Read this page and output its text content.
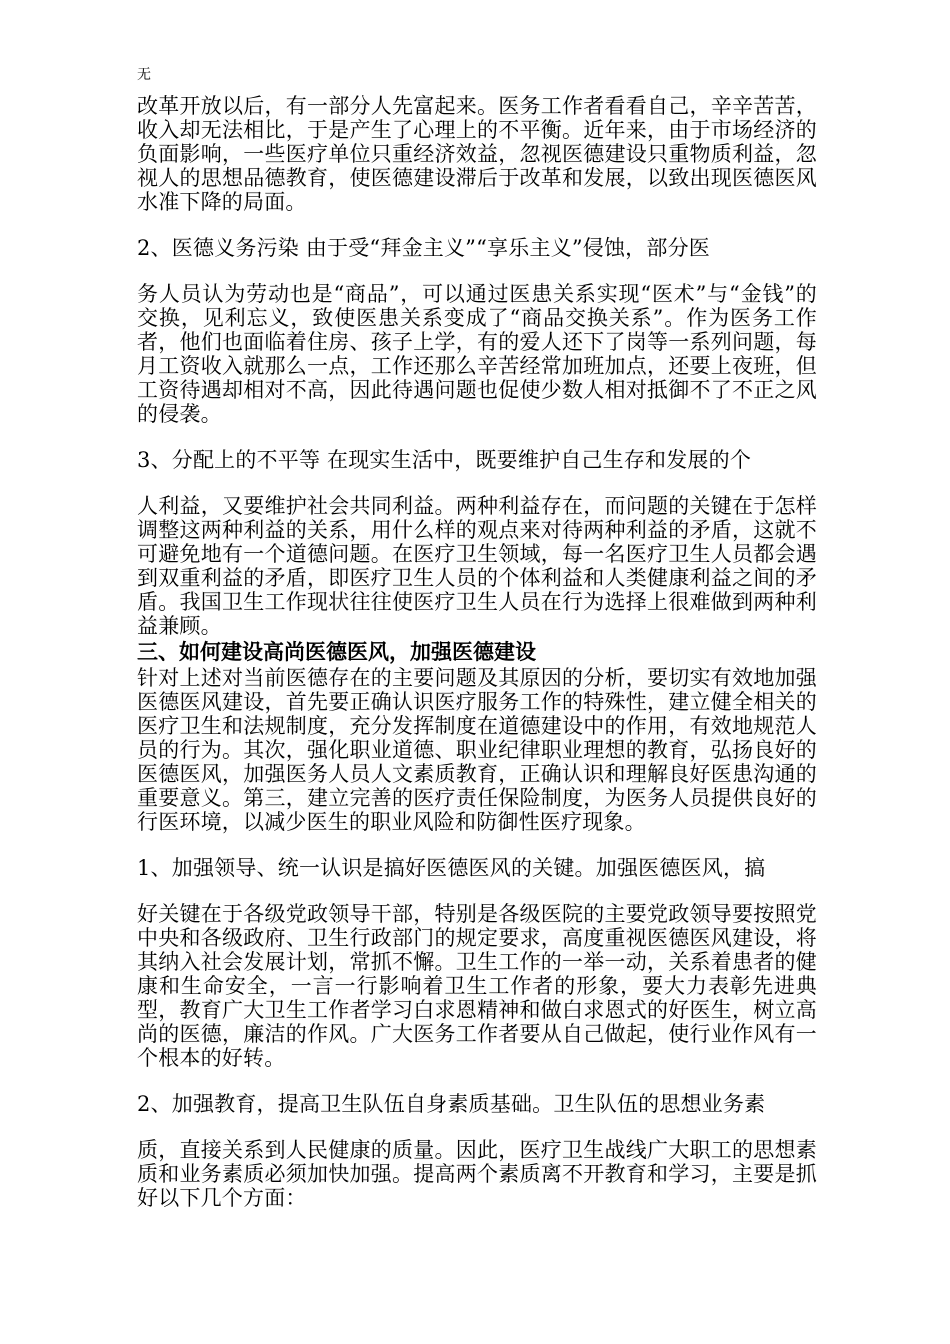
无

改革开放以后，有一部分人先富起来。医务工作者看看自己，辛辛苦苦，收入却无法相比，于是产生了心理上的不平衡。近年来，由于市场经济的负面影响，一些医疗单位只重经济效益，忽视医德建设只重物质利益，忽视人的思想品德教育，使医德建设滞后于改革和发展，以致出现医德医风水准下降的局面。

2、医德义务污染 由于受“拜金主义”“享乐主义”侵蚀，部分医

务人员认为劳动也是“商品”，可以通过医患关系实现“医术”与“金钱”的交换，见利忘义，致使医患关系变成了“商品交换关系”。作为医务工作者，他们也面临着住房、孩子上学，有的爱人还下了岗等一系列问题，每月工资收入就那么一点，工作还那么辛苦经常加班加点，还要上夜班，但工资待遇却相对不高，因此待遇问题也促使少数人相对抵御不了不正之风的侵袭。

3、分配上的不平等 在现实生活中，既要维护自己生存和发展的个

人利益，又要维护社会共同利益。两种利益存在，而问题的关键在于怎样调整这两种利益的关系，用什么样的观点来对待两种利益的矛盾，这就不可避免地有一个道德问题。在医疗卫生领域，每一名医疗卫生人员都会遇到双重利益的矛盾，即医疗卫生人员的个体利益和人类健康利益之间的矛盾。我国卫生工作现状往往使医疗卫生人员在行为选择上很难做到两种利益兼顾。

三、如何建设高尚医德医风，加强医德建设

针对上述对当前医德存在的主要问题及其原因的分析，要切实有效地加强医德医风建设，首先要正确认识医疗服务工作的特殊性，建立健全相关的医疗卫生和法规制度，充分发挥制度在道德建设中的作用，有效地规范人员的行为。其次，强化职业道德、职业纪律职业理想的教育，弘扬良好的医德医风，加强医务人员人文素质教育，正确认识和理解良好医患沟通的重要意义。第三，建立完善的医疗责任保险制度，为医务人员提供良好的行医环境，以减少医生的职业风险和防御性医疗现象。

1、加强领导、统一认识是搞好医德医风的关键。加强医德医风，搞

好关键在于各级党政领导干部，特别是各级医院的主要党政领导要按照党中央和各级政府、卫生行政部门的规定要求，高度重视医德医风建设，将其纳入社会发展计划，常抓不懈。卫生工作的一举一动，关系着患者的健康和生命安全，一言一行影响着卫生工作者的形象，要大力表彰先进典型，教育广大卫生工作者学习白求恩精神和做白求恩式的好医生，树立高尚的医德，廉洁的作风。广大医务工作者要从自己做起，使行业作风有一个根本的好转。

2、加强教育，提高卫生队伍自身素质基础。卫生队伍的思想业务素

质，直接关系到人民健康的质量。因此，医疗卫生战线广大职工的思想素质和业务素质必须加快加强。提高两个素质离不开教育和学习，主要是抓好以下几个方面：
